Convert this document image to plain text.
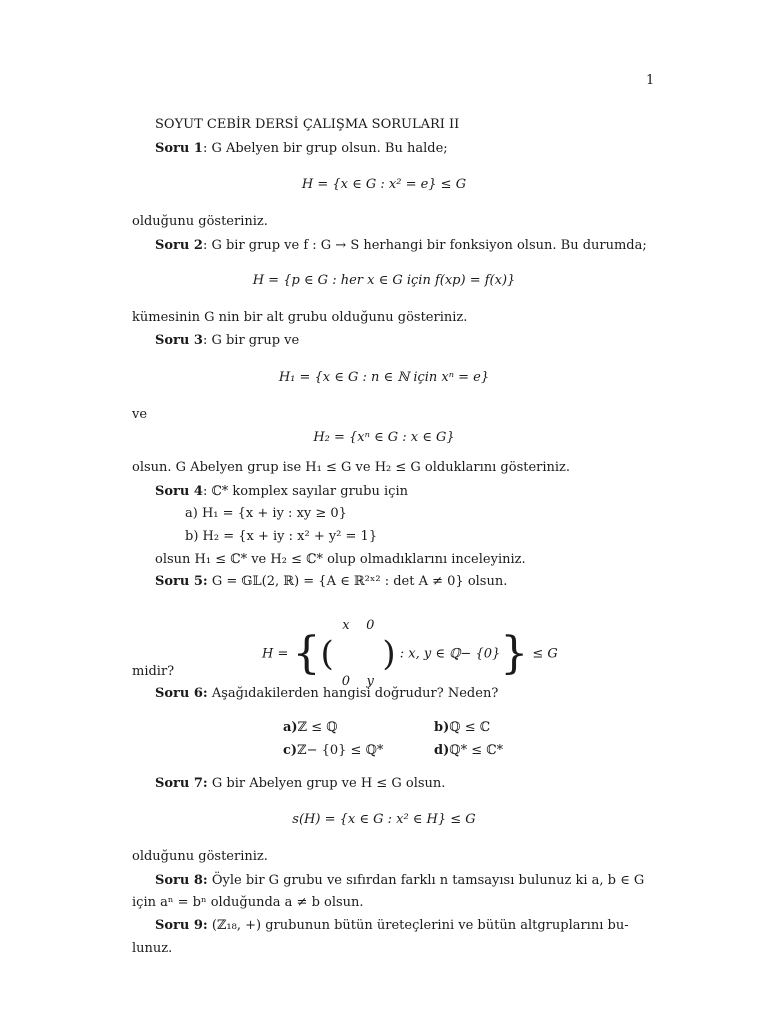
1
SOYUT CEBİR DERSİ ÇALIŞMA SORULARI II
Soru 1: G Abelyen bir grup olsun. Bu halde;
H = {x ∈ G : x² = e} ≤ G
olduğunu gösteriniz.
Soru 2: G bir grup ve f : G → S herhangi bir fonksiyon olsun. Bu durumda;
H = {p ∈ G : her x ∈ G için f(xp) = f(x)}
kümesinin G nin bir alt grubu olduğunu gösteriniz.
Soru 3: G bir grup ve
H₁ = {x ∈ G : n ∈ ℕ için xⁿ = e}
ve
H₂ = {xⁿ ∈ G : x ∈ G}
olsun. G Abelyen grup ise H₁ ≤ G ve H₂ ≤ G olduklarını gösteriniz.
Soru 4: ℂ* komplex sayılar grubu için
a) H₁ = {x + iy : xy ≥ 0}
b) H₂ = {x + iy : x² + y² = 1}
olsun H₁ ≤ ℂ* ve H₂ ≤ ℂ* olup olmadıklarını inceleyiniz.
Soru 5: G = 𝔾𝕃(2, ℝ) = {A ∈ ℝ²ˣ² : det A ≠ 0} olsun.
H = {(x	0
0	y) : x, y ∈ ℚ− {0}} ≤ G
midir?
Soru 6: Aşağıdakilerden hangisi doğrudur? Neden?
a)ℤ ≤ ℚ	b)ℚ ≤ ℂ
c)ℤ− {0} ≤ ℚ*	d)ℚ* ≤ ℂ*
Soru 7: G bir Abelyen grup ve H ≤ G olsun.
s(H) = {x ∈ G : x² ∈ H} ≤ G
olduğunu gösteriniz.
Soru 8: Öyle bir G grubu ve sıfırdan farklı n tamsayısı bulunuz ki a, b ∈ G
için aⁿ = bⁿ olduğunda a ≠ b olsun.
Soru 9: (ℤ₁₈, +) grubunun bütün üreteçlerini ve bütün altgruplarını bu-
lunuz.
